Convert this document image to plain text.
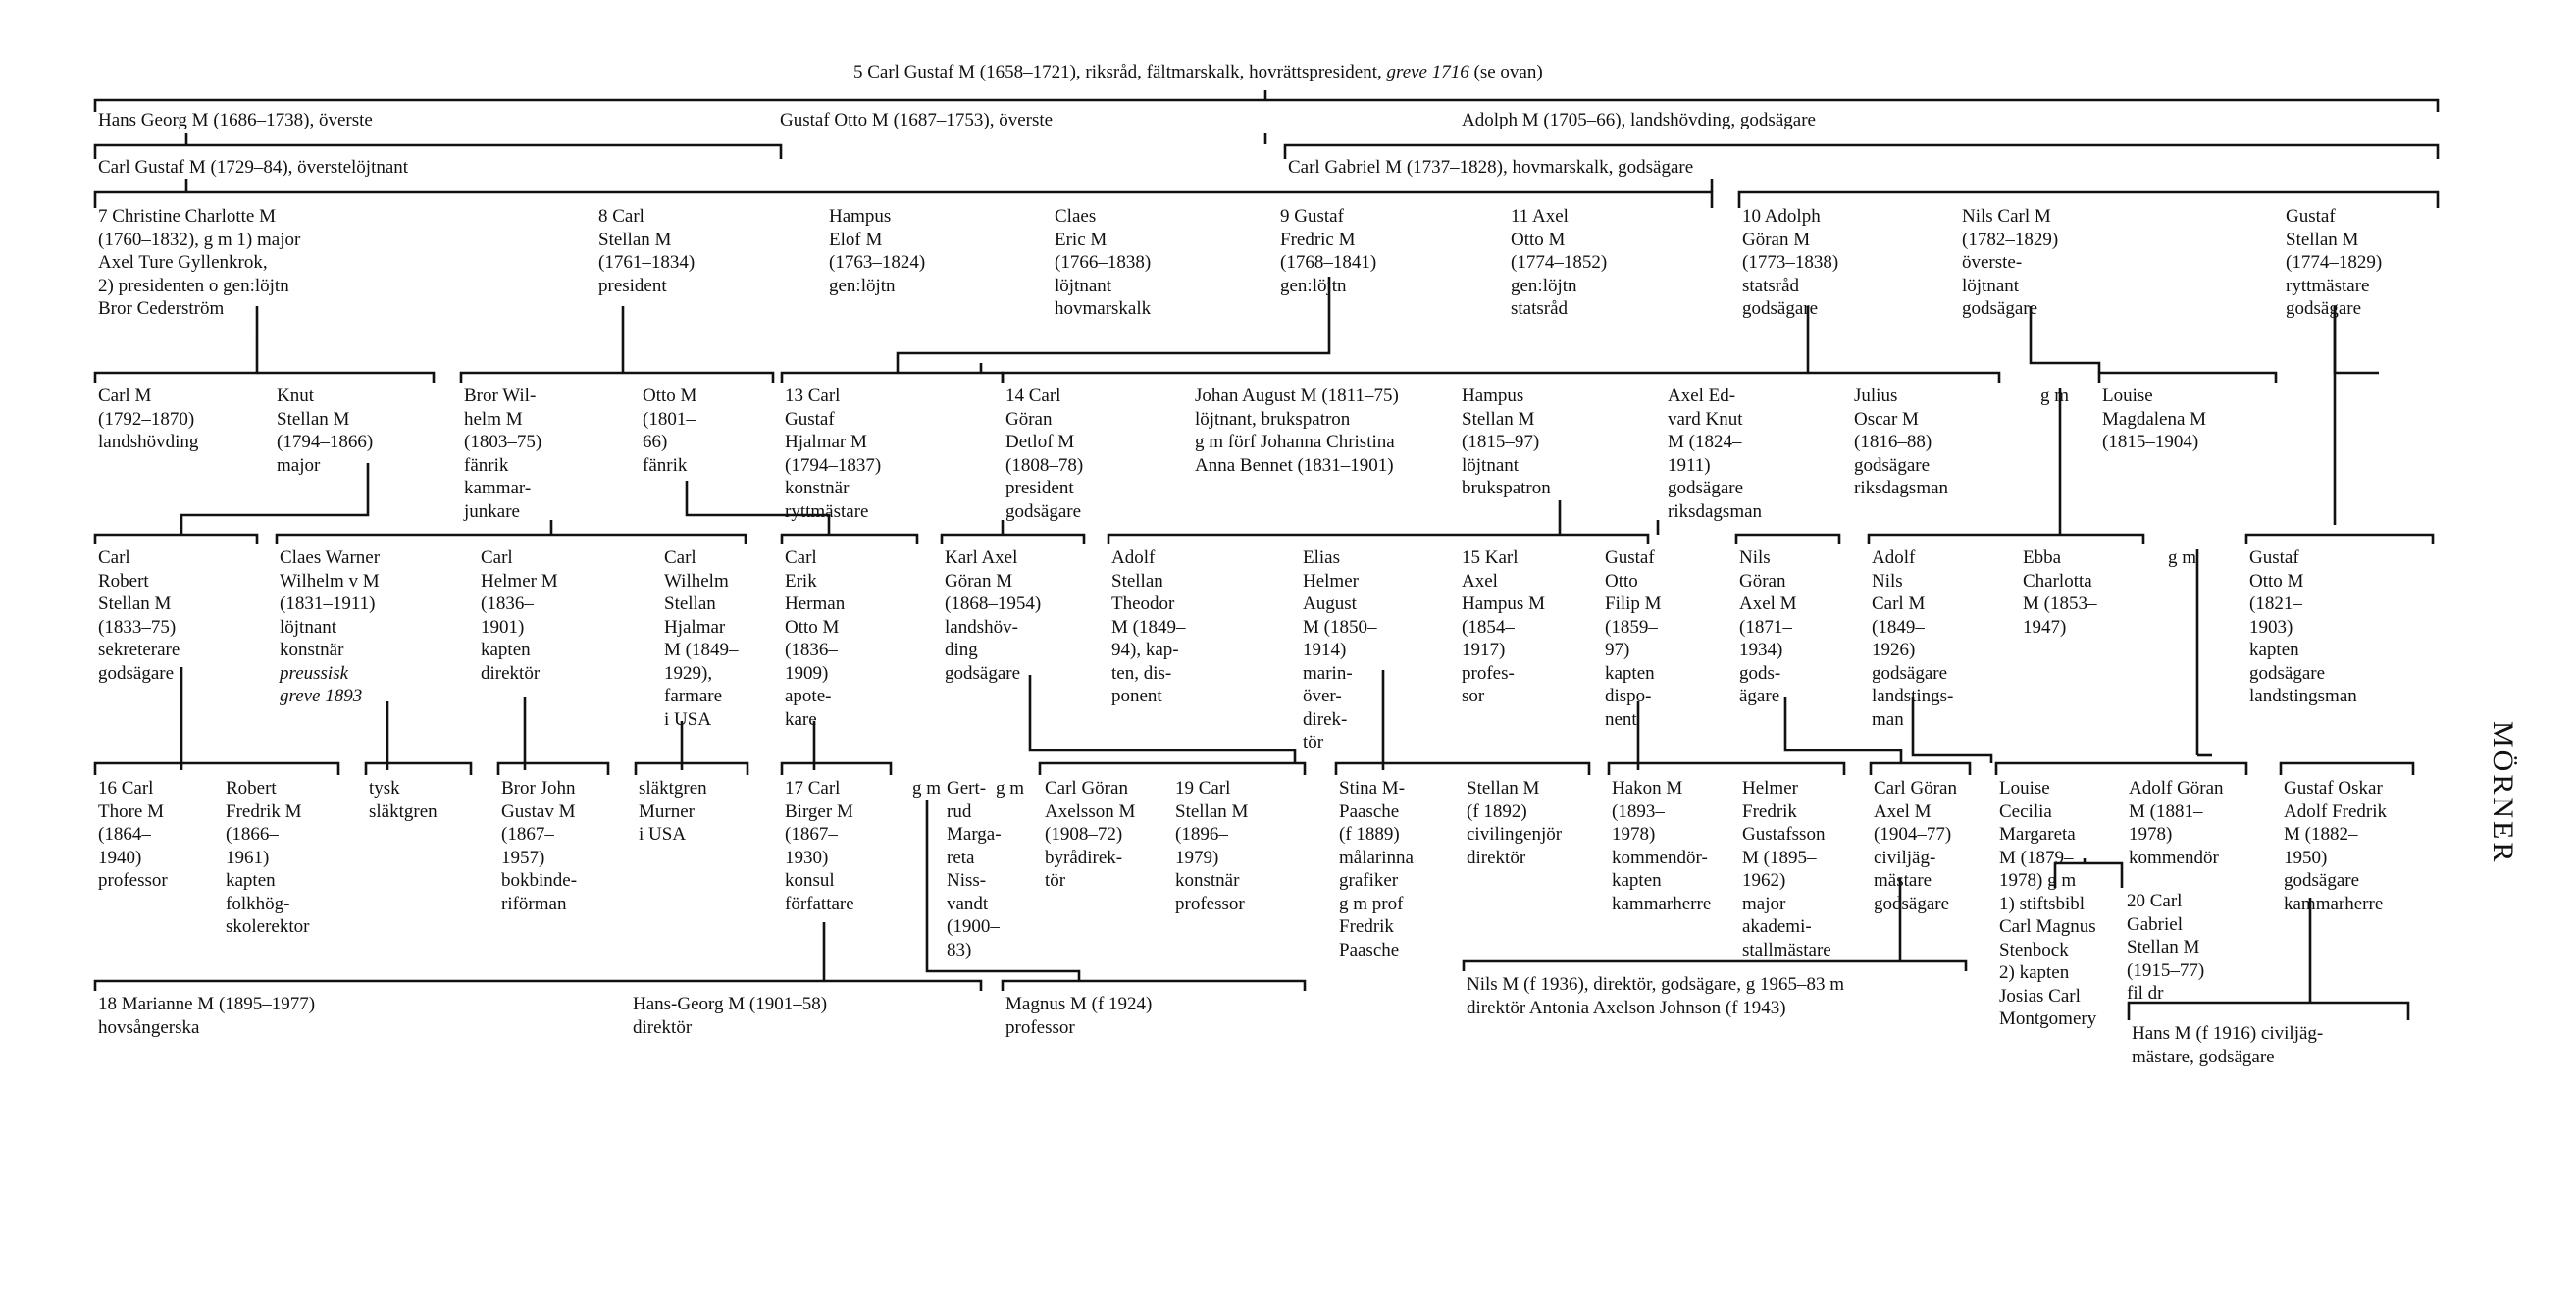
MÖRNER
5 Carl Gustaf M (1658–1721), riksråd, fältmarskalk, hovrättspresident, greve 1716 (se ovan)
Hans Georg M (1686–1738), överste	Gustaf Otto M (1687–1753), överste	Adolph M (1705–66), landshövding, godsägare
Carl Gustaf M (1729–84), överstelöjtnant	Carl Gabriel M (1737–1828), hovmarskalk, godsägare
7 Christine Charlotte M
(1760–1832), g m 1) major
Axel Ture Gyllenkrok,
2) presidenten o gen:löjtn
Bror Cederström
8 Carl
Stellan M
(1761–1834)
president
Hampus
Elof M
(1763–1824)
gen:löjtn
Claes
Eric M
(1766–1838)
löjtnant
hovmarskalk
9 Gustaf
Fredric M
(1768–1841)
gen:löjtn
11 Axel
Otto M
(1774–1852)
gen:löjtn
statsråd
10 Adolph
Göran M
(1773–1838)
statsråd
godsägare
Nils Carl M
(1782–1829)
överste-
löjtnant
godsägare
Gustaf
Stellan M
(1774–1829)
ryttmästare
godsägare
Carl M
(1792–1870)
landshövding
Knut
Stellan M
(1794–1866)
major
Bror Wil-
helm M
(1803–75)
fänrik
kammar-
junkare
Otto M
(1801–
66)
fänrik
13 Carl
Gustaf
Hjalmar M
(1794–1837)
konstnär
ryttmästare
14 Carl
Göran
Detlof M
(1808–78)
president
godsägare
Johan August M (1811–75)
löjtnant, brukspatron
g m förf Johanna Christina
Anna Bennet (1831–1901)
Hampus
Stellan M
(1815–97)
löjtnant
brukspatron
Axel Ed-
vard Knut
M (1824–
1911)
godsägare
riksdagsman
Julius
Oscar M
(1816–88)
godsägare
riksdagsman
g m Louise
Magdalena M
(1815–1904)
Carl
Robert
Stellan M
(1833–75)
sekreterare
godsägare
Claes Warner
Wilhelm v M
(1831–1911)
löjtnant
konstnär
preussisk
greve 1893
Carl
Helmer M
(1836–
1901)
kapten
direktör
Carl
Wilhelm
Stellan
Hjalmar
M (1849–
1929),
farmare
i USA
Carl
Erik
Herman
Otto M
(1836–
1909)
apote-
kare
Karl Axel
Göran M
(1868–1954)
landshöv-
ding
godsägare
Adolf
Stellan
Theodor
M (1849–
94), kap-
ten, dis-
ponent
Elias
Helmer
August
M (1850–
1914)
marin-
över-
direk-
tör
15 Karl
Axel
Hampus M
(1854–
1917)
profes-
sor
Gustaf
Otto
Filip M
(1859–
97)
kapten
dispo-
nent
Nils
Göran
Axel M
(1871–
1934)
gods-
ägare
Adolf
Nils
Carl M
(1849–
1926)
godsägare
landstings-
man
Ebba
Charlotta
M (1853–
1947)
g m	Gustaf
Otto M
(1821–
1903)
kapten
godsägare
landstingsman
16 Carl
Thore M
(1864–
1940)
professor
Robert
Fredrik M
(1866–
1961)
kapten
folkhög-
skolerektor
tysk
släktgren
Bror John
Gustav M
(1867–
1957)
bokbinde-
riförman
släktgren
Murner
i USA
17 Carl
Birger M
(1867–
1930)
konsul
författare
g m Gert-
rud
Marga-
reta
Niss-
vandt
(1900–
83)
g m Carl Göran
Axelsson M
(1908–72)
byrådirek-
tör
19 Carl
Stellan M
(1896–
1979)
konstnär
professor
Stina M-
Paasche
(f 1889)
målarinna
grafiker
g m prof
Fredrik
Paasche
Stellan M
(f 1892)
civilingenjör
direktör
Hakon M
(1893–
1978)
kommendör-
kapten
kammarherre
Helmer
Fredrik
Gustafsson
M (1895–
1962)
major
akademi-
stallmästare
Carl Göran
Axel M
(1904–77)
civiljäg-
mästare
godsägare
Louise
Cecilia
Margareta
M (1879–
1978) g m
1) stiftsbibl
Carl Magnus
Stenbock
2) kapten
Josias Carl
Montgomery
Adolf Göran
M (1881–
1978)
kommendör
Gustaf Oskar
Adolf Fredrik
M (1882–
1950)
godsägare
kammarherre
18 Marianne M (1895–1977)
hovsångerska
Hans-Georg M (1901–58)
direktör
Magnus M (f 1924)
professor
Nils M (f 1936), direktör, godsägare, g 1965–83 m
direktör Antonia Axelson Johnson (f 1943)
20 Carl
Gabriel
Stellan M
(1915–77)
fil dr
Hans M (f 1916) civiljäg-
mästare, godsägare
